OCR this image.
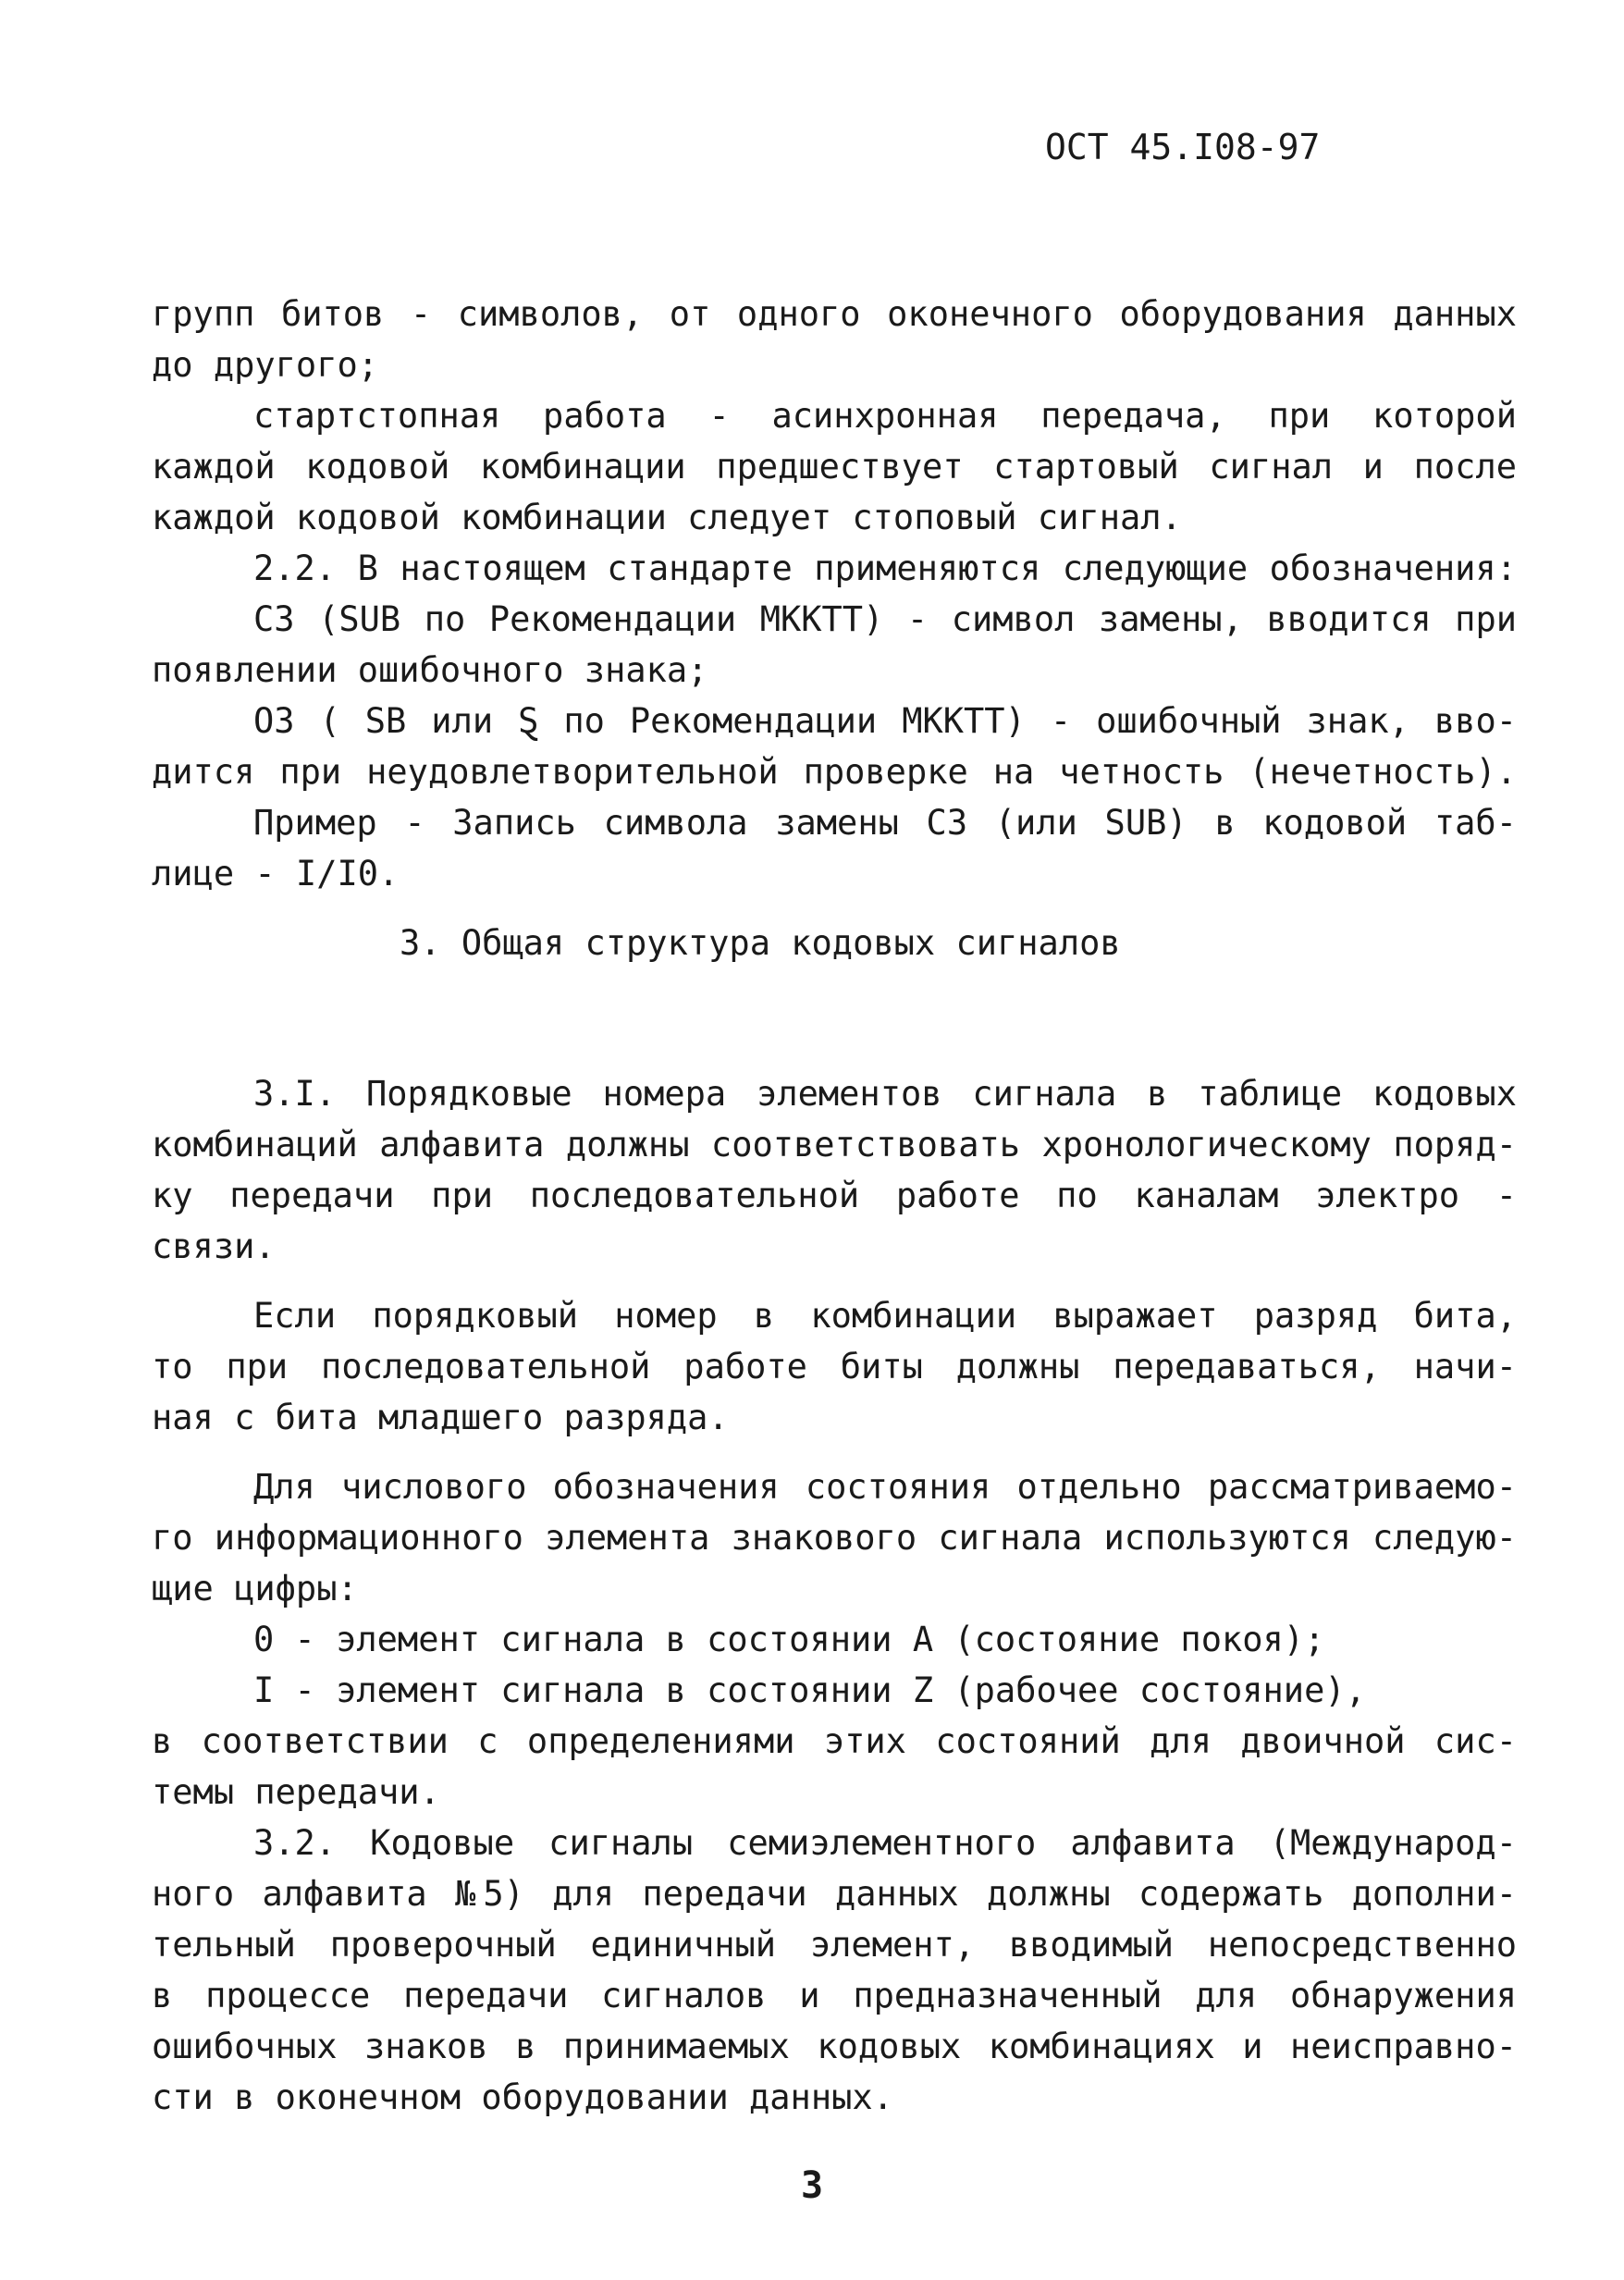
ОСТ 45.I08-97
групп битов - символов, от одного оконечного оборудования данных
до другого;
стартстопная работа - асинхронная передача, при которой
каждой кодовой комбинации предшествует стартовый сигнал и после
каждой кодовой комбинации следует стоповый сигнал.
2.2. В настоящем стандарте применяются следующие обозначения:
СЗ (SUB по Рекомендации МККТТ) - символ замены, вводится при
появлении ошибочного знака;
ОЗ ( SB или Ȿ по Рекомендации МККТТ) - ошибочный знак, вво-
дится при неудовлетворительной проверке на четность (нечетность).
Пример - Запись символа замены СЗ (или SUB) в кодовой таб-
лице - I/I0.
3. Общая структура кодовых сигналов
3.I. Порядковые номера элементов сигнала в таблице кодовых
комбинаций алфавита должны соответствовать хронологическому поряд-
ку передачи при последовательной работе по каналам электро -
связи.
Если порядковый номер в комбинации выражает разряд бита,
то при последовательной работе биты должны передаваться, начи-
ная с бита младшего разряда.
Для числового обозначения состояния отдельно рассматриваемо-
го информационного элемента знакового сигнала используются следую-
щие цифры:
0 - элемент сигнала в состоянии A (состояние покоя);
I - элемент сигнала в состоянии Z (рабочее состояние),
в соответствии с определениями этих состояний для двоичной сис-
темы передачи.
3.2. Кодовые сигналы семиэлементного алфавита (Международ-
ного алфавита №5) для передачи данных должны содержать дополни-
тельный проверочный единичный элемент, вводимый непосредственно
в процессе передачи сигналов и предназначенный для обнаружения
ошибочных знаков в принимаемых кодовых комбинациях и неисправно-
сти в оконечном оборудовании данных.
3
